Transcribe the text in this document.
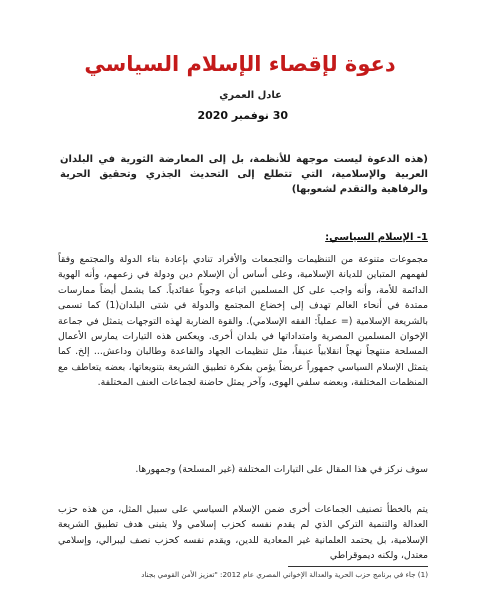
دعوة لإقصاء الإسلام السياسي
عادل العمري
30 نوفمبر 2020
(هذه الدعوة ليست موجهة للأنظمة، بل إلى المعارضة الثورية في البلدان العربية والإسلامية، التي تتطلع إلى التحديث الجذري وتحقيق الحرية والرفاهية والتقدم لشعوبها)
1- الإسلام السياسي:
مجموعات متنوعة من التنظيمات والتجمعات والأفراد تنادي بإعادة بناء الدولة والمجتمع وفقاً لفهمهم المتباين للديانة الإسلامية، وعلى أساس أن الإسلام دين ودولة في زعمهم، وأنه الهوية الدائمة للأمة، وأنه واجب على كل المسلمين اتباعه وجوباً عقائدياً. كما يشمل أيضاً ممارسات ممتدة في أنحاء العالم تهدف إلى إخضاع المجتمع والدولة في شتى البلدان(1) كما تسمى بالشريعة الإسلامية (= عملياً: الفقه الإسلامي). والقوة الضاربة لهذه التوجهات يتمثل في جماعة الإخوان المسلمين المصرية وامتداداتها في بلدان أخرى. ويعكس هذه التيارات يمارس الأعمال المسلحة منتهجاً نهجاً انقلابياً عنيفاً، مثل تنظيمات الجهاد والقاعدة وطالبان وداعش... إلخ. كما يتمثل الإسلام السياسي جمهوراً عريضاً يؤمن بفكرة تطبيق الشريعة بتنويعاتها، بعضه يتعاطف مع المنظمات المختلفة، وبعضه سلفي الهوى، وآخر يمثل حاضنة لجماعات العنف المختلفة.
سوف نركز في هذا المقال على التيارات المختلفة (غير المسلحة) وجمهورها.
يتم بالخطأ تصنيف الجماعات أخرى ضمن الإسلام السياسي على سبيل المثل، من هذه حزب العدالة والتنمية التركي الذي لم يقدم نفسه كحزب إسلامي ولا يتبنى هدف تطبيق الشريعة الإسلامية، بل يحتمد العلمانية غير المعادية للدين، ويقدم نفسه كحزب نصف ليبرالي، وإسلامي معتدل، ولكنه ديموقراطي
(1) جاء في برنامج حزب الحرية والعدالة الإخواني المصري عام 2012: "تعزيز الأمن القومي بجناد
